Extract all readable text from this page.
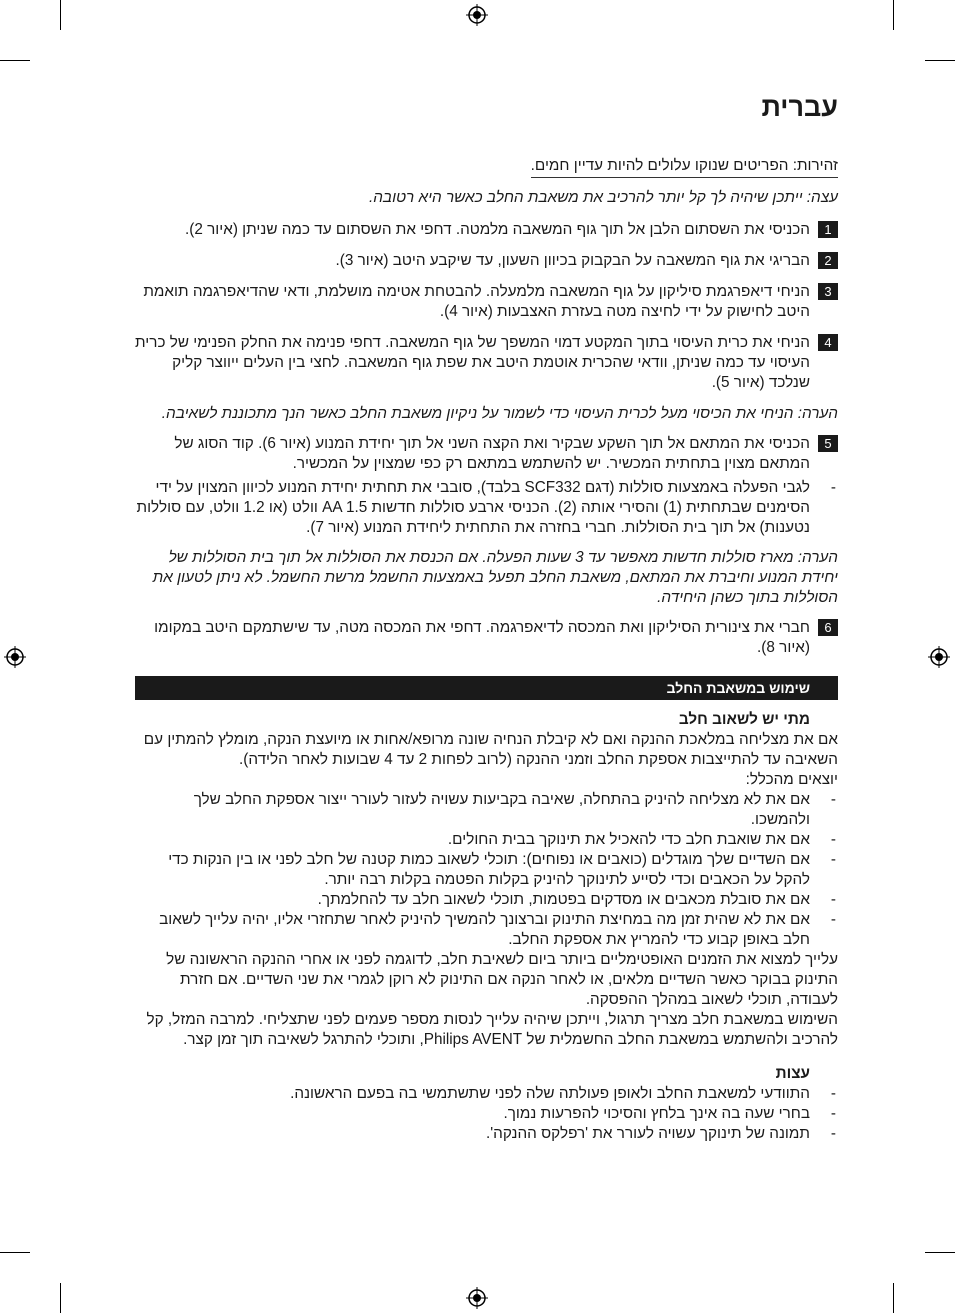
עברית

זהירות: הפריטים שנוקו עלולים להיות עדיין חמים.

עצה: ייתכן שיהיה לך קל יותר להרכיב את משאבת החלב כאשר היא רטובה.

1

הכניסי את השסתום הלבן אל תוך גוף המשאבה מלמטה. דחפי את השסתום עד כמה שניתן (איור 2).

2

הבריגי את גוף המשאבה על הבקבוק בכיוון השעון, עד שיקבע היטב (איור 3).

3

הניחי דיאפרגמת סיליקון על גוף המשאבה מלמעלה. להבטחת אטימה מושלמת, ודאי שהדיאפרגמה תואמת היטב לחישוק על ידי לחיצה מטה בעזרת האצבעות (איור 4).

4

הניחי את כרית העיסוי בתוך המקטע דמוי המשפך של גוף המשאבה. דחפי פנימה את החלק הפנימי של כרית העיסוי עד כמה שניתן, וודאי שהכרית אוטמת היטב את שפת גוף המשאבה. לחצי בין העלים ייווצר קליק שנלכד (איור 5).

הערה: הניחי את הכיסוי מעל לכרית העיסוי כדי לשמור על ניקיון משאבת החלב כאשר הנך מתכוננת לשאיבה.

5

הכניסי את המתאם אל תוך השקע שבקיר ואת הקצה השני אל תוך יחידת המנוע (איור 6). קוד הסוג של המתאם מצוין בתחתית המכשיר. יש להשתמש במתאם רק כפי שמצוין על המכשיר.

- לגבי הפעלה באמצעות סוללות (דגם SCF332 בלבד), סובבי את תחתית יחידת המנוע לכיוון המצוין על ידי הסימנים שבתחתית (1) והסירי אותה (2). הכניסי ארבע סוללות חדשות AA 1.5 וולט (או 1.2 וולט, עם סוללות נטענות) אל תוך בית הסוללות. חברי בחזרה את התחתית ליחידת המנוע (איור 7).

הערה: מארז סוללות חדשות מאפשר עד 3 שעות הפעלה. אם הכנסת את הסוללות אל תוך בית הסוללות של יחידת המנוע וחיברת את המתאם, משאבת החלב תפעל באמצעות החשמל מרשת החשמל. לא ניתן לטעון את הסוללות בתוך כשהן היחידה.

6

חברי את צינורית הסיליקון ואת המכסה לדיאפרגמה. דחפי את המכסה מטה, עד שישתמקם היטב במקומו (איור 8).

שימוש במשאבת החלב

מתי יש לשאוב חלב

אם את מצליחה במלאכת ההנקה ואם לא קיבלת הנחיה שונה מרופא/אחות או מיועצת הנקה, מומלץ להמתין עם השאיבה עד להתייצבות אספקת החלב וזמני ההנקה (לרוב לפחות 2 עד 4 שבועות לאחר הלידה).

יוצאים מהכלל:

- אם את לא מצליחה להיניק בהתחלה, שאיבה בקביעות עשויה לעזור לעורר ייצור אספקת החלב שלך ולהמשכו.
- אם את שואבת חלב כדי להאכיל את תינוקך בבית החולים.
- אם השדיים שלך מוגדלים (כואבים או נפוחים): תוכלי לשאוב כמות קטנה של חלב לפני או בין הנקות כדי להקל על הכאבים וכדי לסייע לתינוקך להיניק בקלות הפטמה בקלות רבה יותר.
- אם את סובלת מכאבים או מסדקים בפטמות, תוכלי לשאוב חלב עד להחלמתך.
- אם את לא שהית זמן מה במחיצת התינוק וברצונך להמשיך להיניק לאחר שתחזרי אליו, יהיה עלייך לשאוב חלב באופן קבוע כדי להמריץ את אספקת החלב.

עלייך למצוא את הזמנים האופטימליים ביותר ביום לשאיבת חלב, לדוגמה לפני או אחרי ההנקה הראשונה של התינוק בבוקר כאשר השדיים מלאים, או לאחר הנקה אם התינוק לא רוקן לגמרי את שני השדיים. אם חזרת לעבודה, תוכלי לשאוב במהלך ההפסקה.

השימוש במשאבת חלב מצריך תרגול, וייתכן שיהיה עלייך לנסות מספר פעמים לפני שתצליחי. למרבה המזל, קל להרכיב ולהשתמש במשאבת החלב החשמלית של Philips AVENT, ותוכלי להתרגל לשאיבה תוך זמן קצר.

עצות

- התוודעי למשאבת החלב ולאופן פעולתה שלה לפני שתשתמשי בה בפעם הראשונה.
- בחרי שעה בה אינך בלחץ והסיכוי להפרעות נמוך.
- תמונה של תינוקך עשויה לעורר את 'רפלקס ההנקה'.
